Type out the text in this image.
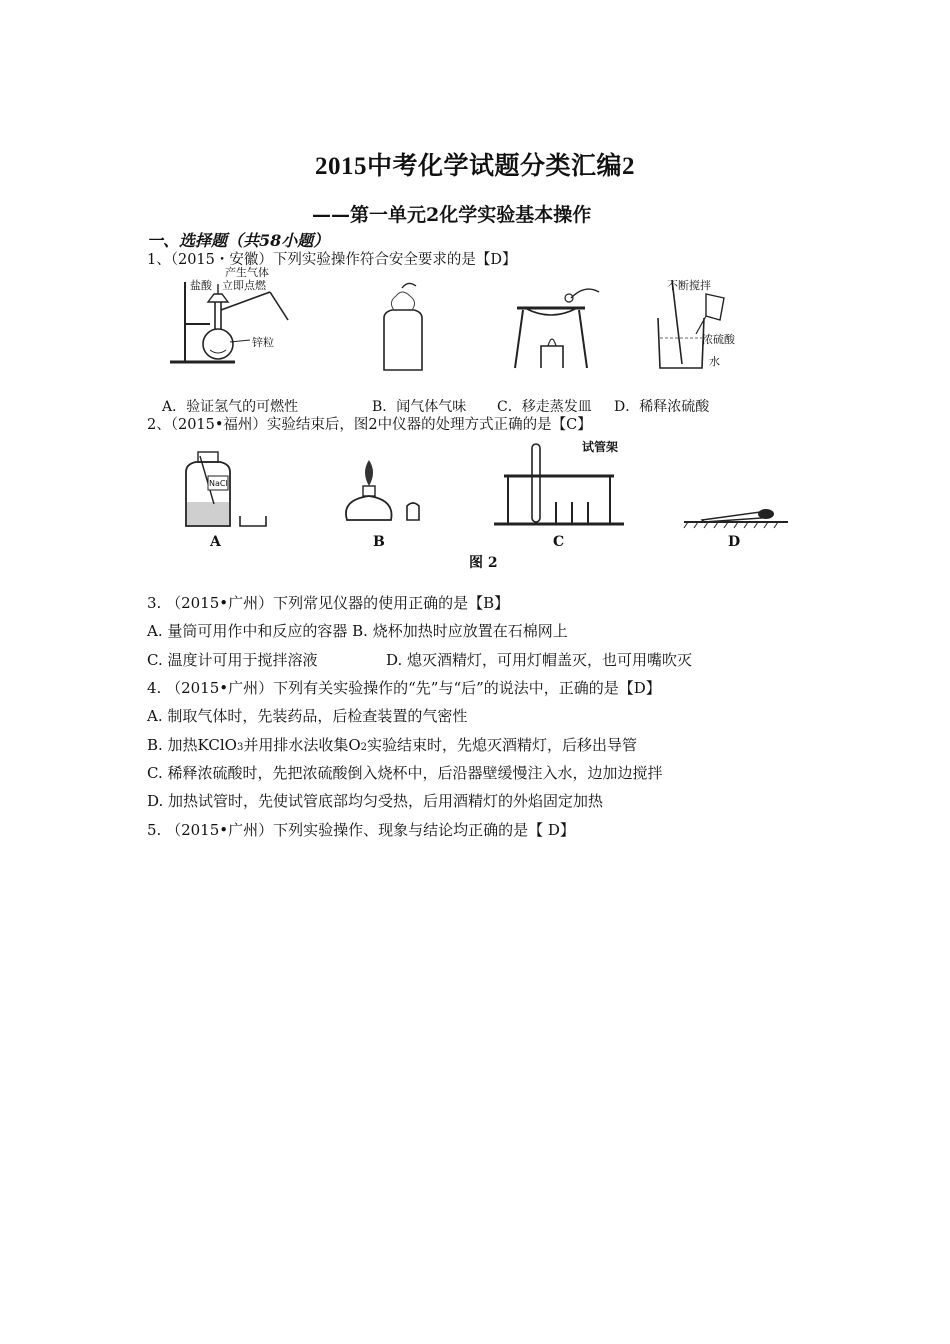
2015中考化学试题分类汇编2
——第一单元2化学实验基本操作
一、选择题（共58小题）
1、（2015・安徽）下列实验操作符合安全要求的是【D】
产生气体
盐酸 立即点燃
锌粒
不断搅拌
浓硫酸
水
A．验证氢气的可燃性	B．闻气体气味 C．移走蒸发皿 D．稀释浓硫酸
2、（2015•福州）实验结束后，图2中仪器的处理方式正确的是【C】
NaCl
A	B
图 2
试管架
C	D
3. （2015•广州）下列常见仪器的使用正确的是【B】
A. 量筒可用作中和反应的容器 B. 烧杯加热时应放置在石棉网上
C. 温度计可用于搅拌溶液	D. 熄灭酒精灯，可用灯帽盖灭，也可用嘴吹灭
4. （2015•广州）下列有关实验操作的“先”与“后”的说法中，正确的是【D】
A. 制取气体时，先装药品，后检查装置的气密性
B. 加热KClO3并用排水法收集O2实验结束时，先熄灭酒精灯，后移出导管
C. 稀释浓硫酸时，先把浓硫酸倒入烧杯中，后沿器壁缓慢注入水，边加边搅拌
D. 加热试管时，先使试管底部均匀受热，后用酒精灯的外焰固定加热
5. （2015•广州）下列实验操作、现象与结论均正确的是【 D】
